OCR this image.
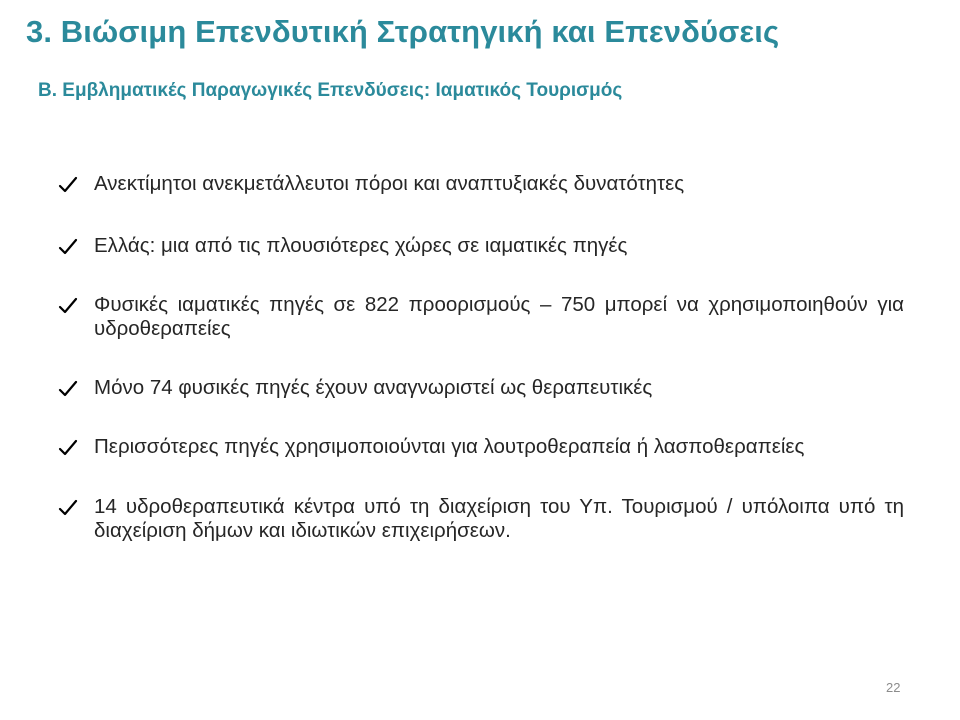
3. Βιώσιμη Επενδυτική Στρατηγική και Επενδύσεις
B. Εμβληματικές Παραγωγικές Επενδύσεις: Ιαματικός Τουρισμός
Ανεκτίμητοι ανεκμετάλλευτοι πόροι και αναπτυξιακές δυνατότητες
Ελλάς: μια από τις πλουσιότερες χώρες σε ιαματικές πηγές
Φυσικές ιαματικές πηγές σε 822 προορισμούς – 750 μπορεί να χρησιμοποιηθούν για υδροθεραπείες
Μόνο 74 φυσικές πηγές έχουν αναγνωριστεί ως θεραπευτικές
Περισσότερες πηγές χρησιμοποιούνται για λουτροθεραπεία ή λασποθεραπείες
14 υδροθεραπευτικά κέντρα υπό τη διαχείριση του Υπ. Τουρισμού / υπόλοιπα υπό τη διαχείριση δήμων και ιδιωτικών επιχειρήσεων.
22
